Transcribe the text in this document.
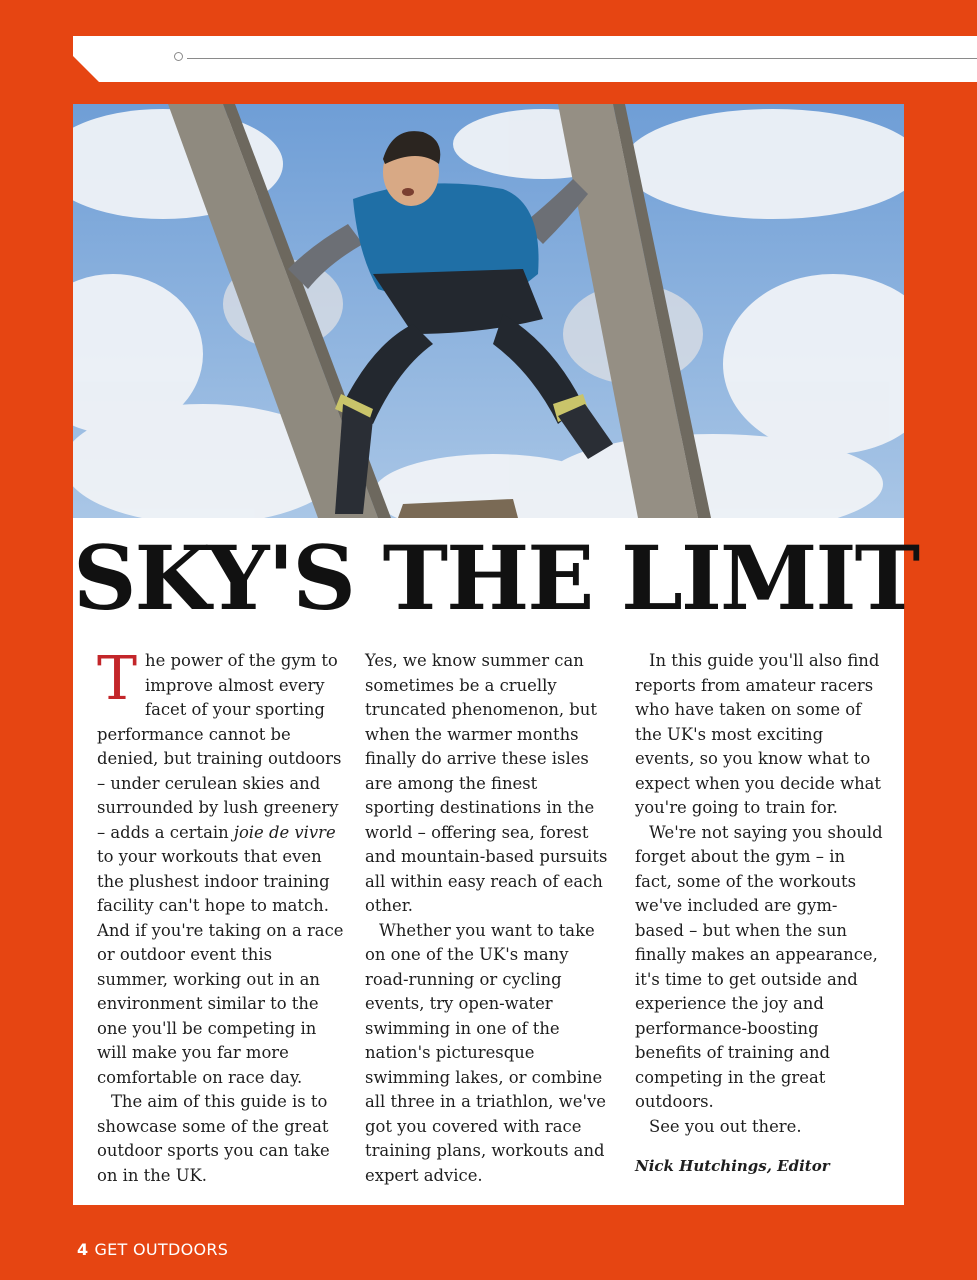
SKY'S THE LIMIT

The power of the gym to improve almost every facet of your sporting performance cannot be denied, but training outdoors – under cerulean skies and surrounded by lush greenery – adds a certain joie de vivre to your workouts that even the plushest indoor training facility can't hope to match. And if you're taking on a race or outdoor event this summer, working out in an environment similar to the one you'll be competing in will make you far more comfortable on race day.

The aim of this guide is to showcase some of the great outdoor sports you can take on in the UK.

Yes, we know summer can sometimes be a cruelly truncated phenomenon, but when the warmer months finally do arrive these isles are among the finest sporting destinations in the world – offering sea, forest and mountain-based pursuits all within easy reach of each other.

Whether you want to take on one of the UK's many road-running or cycling events, try open-water swimming in one of the nation's picturesque swimming lakes, or combine all three in a triathlon, we've got you covered with race training plans, workouts and expert advice.

In this guide you'll also find reports from amateur racers who have taken on some of the UK's most exciting events, so you know what to expect when you decide what you're going to train for.

We're not saying you should forget about the gym – in fact, some of the workouts we've included are gym-based – but when the sun finally makes an appearance, it's time to get outside and experience the joy and performance-boosting benefits of training and competing in the great outdoors.

See you out there.

Nick Hutchings, Editor

4 GET OUTDOORS
